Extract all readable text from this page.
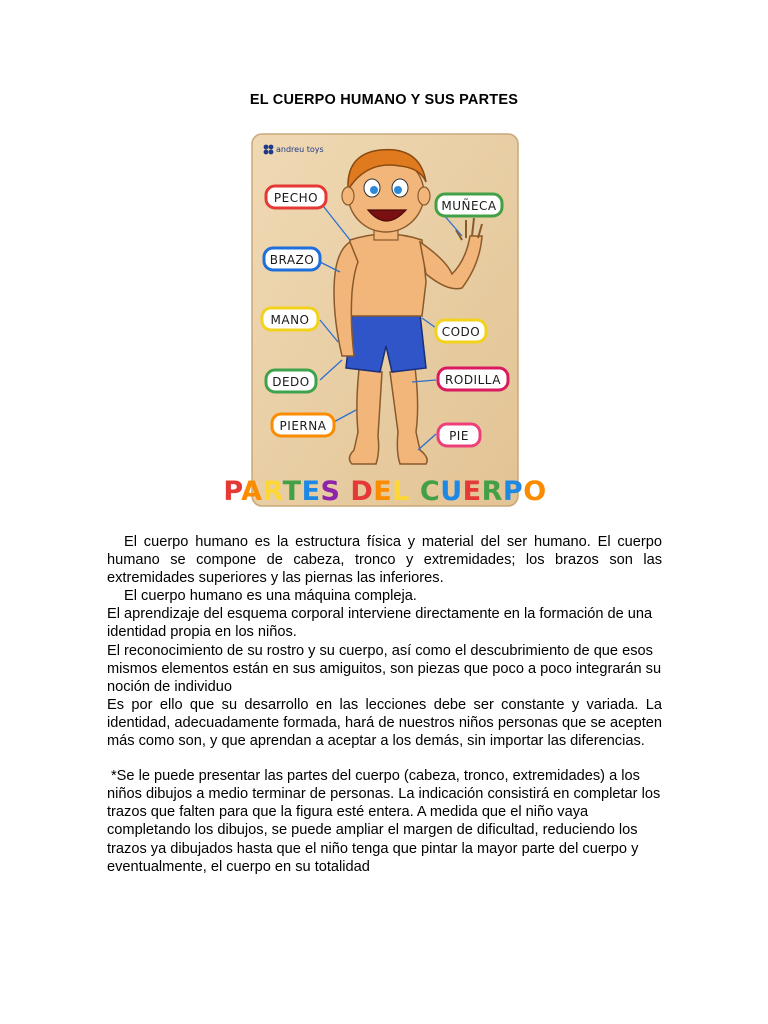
EL CUERPO HUMANO Y SUS PARTES
andreu toys
PECHO
MUÑECA
BRAZO
MANO
CODO
DEDO	RODILLA
PIERNA
PIE
PARTES DEL CUERPO

El cuerpo humano es la estructura física y material del ser humano. El cuerpo humano se compone de cabeza, tronco y extremidades; los brazos son las extremidades superiores y las piernas las inferiores.

El cuerpo humano es una máquina compleja.

El aprendizaje del esquema corporal interviene directamente en la formación de una identidad propia en los niños.

El reconocimiento de su rostro y su cuerpo, así como el descubrimiento de que esos mismos elementos están en sus amiguitos, son piezas que poco a poco integrarán su noción de individuo

Es por ello que su desarrollo en las lecciones debe ser constante y variada. La identidad, adecuadamente formada, hará de nuestros niños personas que se acepten más como son, y que aprendan a aceptar a los demás, sin importar las diferencias.

*Se le puede presentar las partes del cuerpo (cabeza, tronco, extremidades) a los niños dibujos a medio terminar de personas. La indicación consistirá en completar los trazos que falten para que la figura esté entera. A medida que el niño vaya completando los dibujos, se puede ampliar el margen de dificultad, reduciendo los trazos ya dibujados hasta que el niño tenga que pintar la mayor parte del cuerpo y eventualmente, el cuerpo en su totalidad
